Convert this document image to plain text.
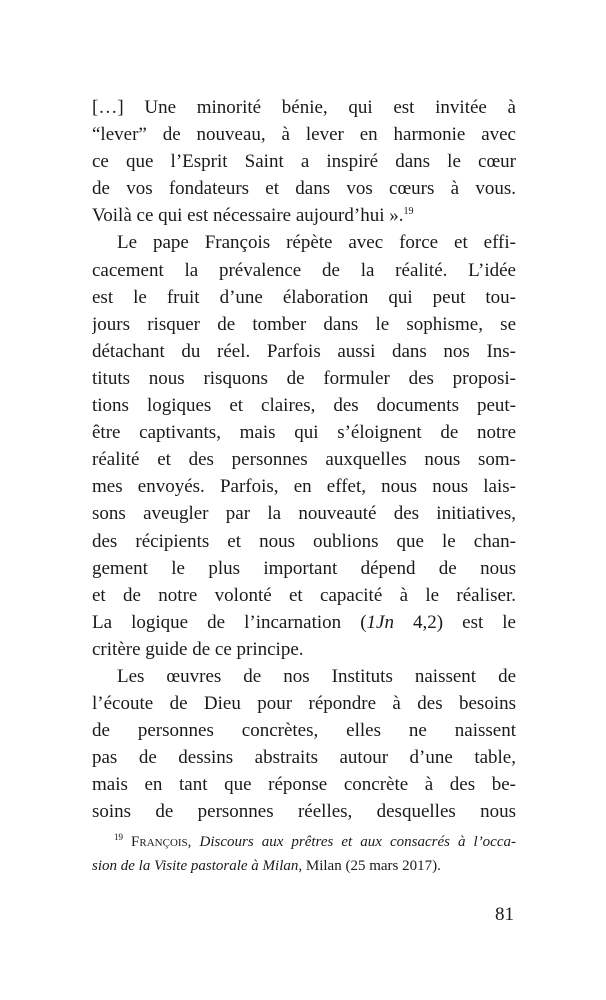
[…] Une minorité bénie, qui est invitée à
“lever” de nouveau, à lever en harmonie avec
ce que l’Esprit Saint a inspiré dans le cœur
de vos fondateurs et dans vos cœurs à vous.
Voilà ce qui est nécessaire aujourd’hui ».$^{19}$
Le pape François répète avec force et effi-
cacement la prévalence de la réalité. L’idée
est le fruit d’une élaboration qui peut tou-
jours risquer de tomber dans le sophisme, se
détachant du réel. Parfois aussi dans nos Ins-
tituts nous risquons de formuler des proposi-
tions logiques et claires, des documents peut-
être captivants, mais qui s’éloignent de notre
réalité et des personnes auxquelles nous som-
mes envoyés. Parfois, en effet, nous nous lais-
sons aveugler par la nouveauté des initiatives,
des récipients et nous oublions que le chan-
gement le plus important dépend de nous
et de notre volonté et capacité à le réaliser.
La logique de l’incarnation (1Jn 4,2) est le
critère guide de ce principe.
Les œuvres de nos Instituts naissent de
l’écoute de Dieu pour répondre à des besoins
de personnes concrètes, elles ne naissent
pas de dessins abstraits autour d’une table,
mais en tant que réponse concrète à des be-
soins de personnes réelles, desquelles nous
$^{19}$ François, Discours aux prêtres et aux consacrés à l’occa-
sion de la Visite pastorale à Milan, Milan (25 mars 2017).
81
